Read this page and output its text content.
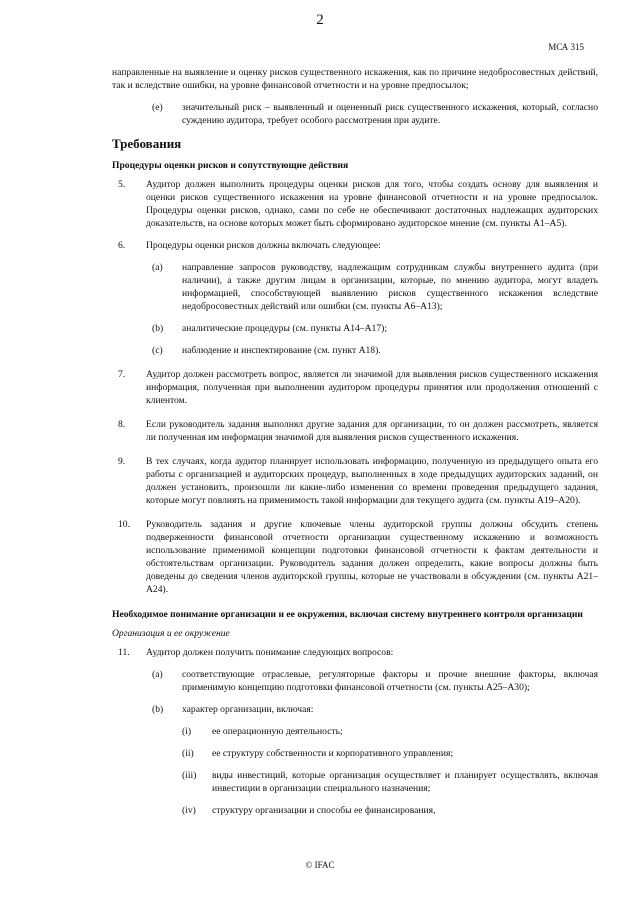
2
МСА 315

направленные на выявление и оценку рисков существенного искажения, как по причине недобросовестных действий, так и вследствие ошибки, на уровне финансовой отчетности и на уровне предпосылок;

(e)	значительный риск – выявленный и оцененный риск существенного искажения, который, согласно суждению аудитора, требует особого рассмотрения при аудите.
Требования
Процедуры оценки рисков и сопутствующие действия
5.	Аудитор должен выполнить процедуры оценки рисков для того, чтобы создать основу для выявления и оценки рисков существенного искажения на уровне финансовой отчетности и на уровне предпосылок. Процедуры оценки рисков, однако, сами по себе не обеспечивают достаточных надлежащих аудиторских доказательств, на основе которых может быть сформировано аудиторское мнение (см. пункты А1–А5).
6.	Процедуры оценки рисков должны включать следующее:
(a)	направление запросов руководству, надлежащим сотрудникам службы внутреннего аудита (при наличии), а также другим лицам в организации, которые, по мнению аудитора, могут владеть информацией, способствующей выявлению рисков существенного искажения вследствие недобросовестных действий или ошибки (см. пункты А6–А13);
(b)	аналитические процедуры (см. пункты А14–А17);
(c)	наблюдение и инспектирование (см. пункт А18).
7.	Аудитор должен рассмотреть вопрос, является ли значимой для выявления рисков существенного искажения информация, полученная при выполнении аудитором процедуры принятия или продолжения отношений с клиентом.
8.	Если руководитель задания выполнял другие задания для организации, то он должен рассмотреть, является ли полученная им информация значимой для выявления рисков существенного искажения.
9.	В тех случаях, когда аудитор планирует использовать информацию, полученную из предыдущего опыта его работы с организацией и аудиторских процедур, выполненных в ходе предыдущих аудиторских заданий, он должен установить, произошли ли какие-либо изменения со времени проведения предыдущего задания, которые могут повлиять на применимость такой информации для текущего аудита (см. пункты А19–А20).
10.	Руководитель задания и другие ключевые члены аудиторской группы должны обсудить степень подверженности финансовой отчетности организации существенному искажению и возможность использование применимой концепции подготовки финансовой отчетности к фактам деятельности и обстоятельствам организации. Руководитель задания должен определить, какие вопросы должны быть доведены до сведения членов аудиторской группы, которые не участвовали в обсуждении (см. пункты А21–А24).
Необходимое понимание организации и ее окружения, включая систему внутреннего контроля организации
Организация и ее окружение
11.	Аудитор должен получить понимание следующих вопросов:
(a)	соответствующие отраслевые, регуляторные факторы и прочие внешние факторы, включая применимую концепцию подготовки финансовой отчетности (см. пункты А25–А30);
(b)	характер организации, включая:
(i)	ее операционную деятельность;
(ii)	ее структуру собственности и корпоративного управления;
(iii)	виды инвестиций, которые организация осуществляет и планирует осуществлять, включая инвестиции в организации специального назначения;
(iv)	структуру организации и способы ее финансирования,
© IFAC
